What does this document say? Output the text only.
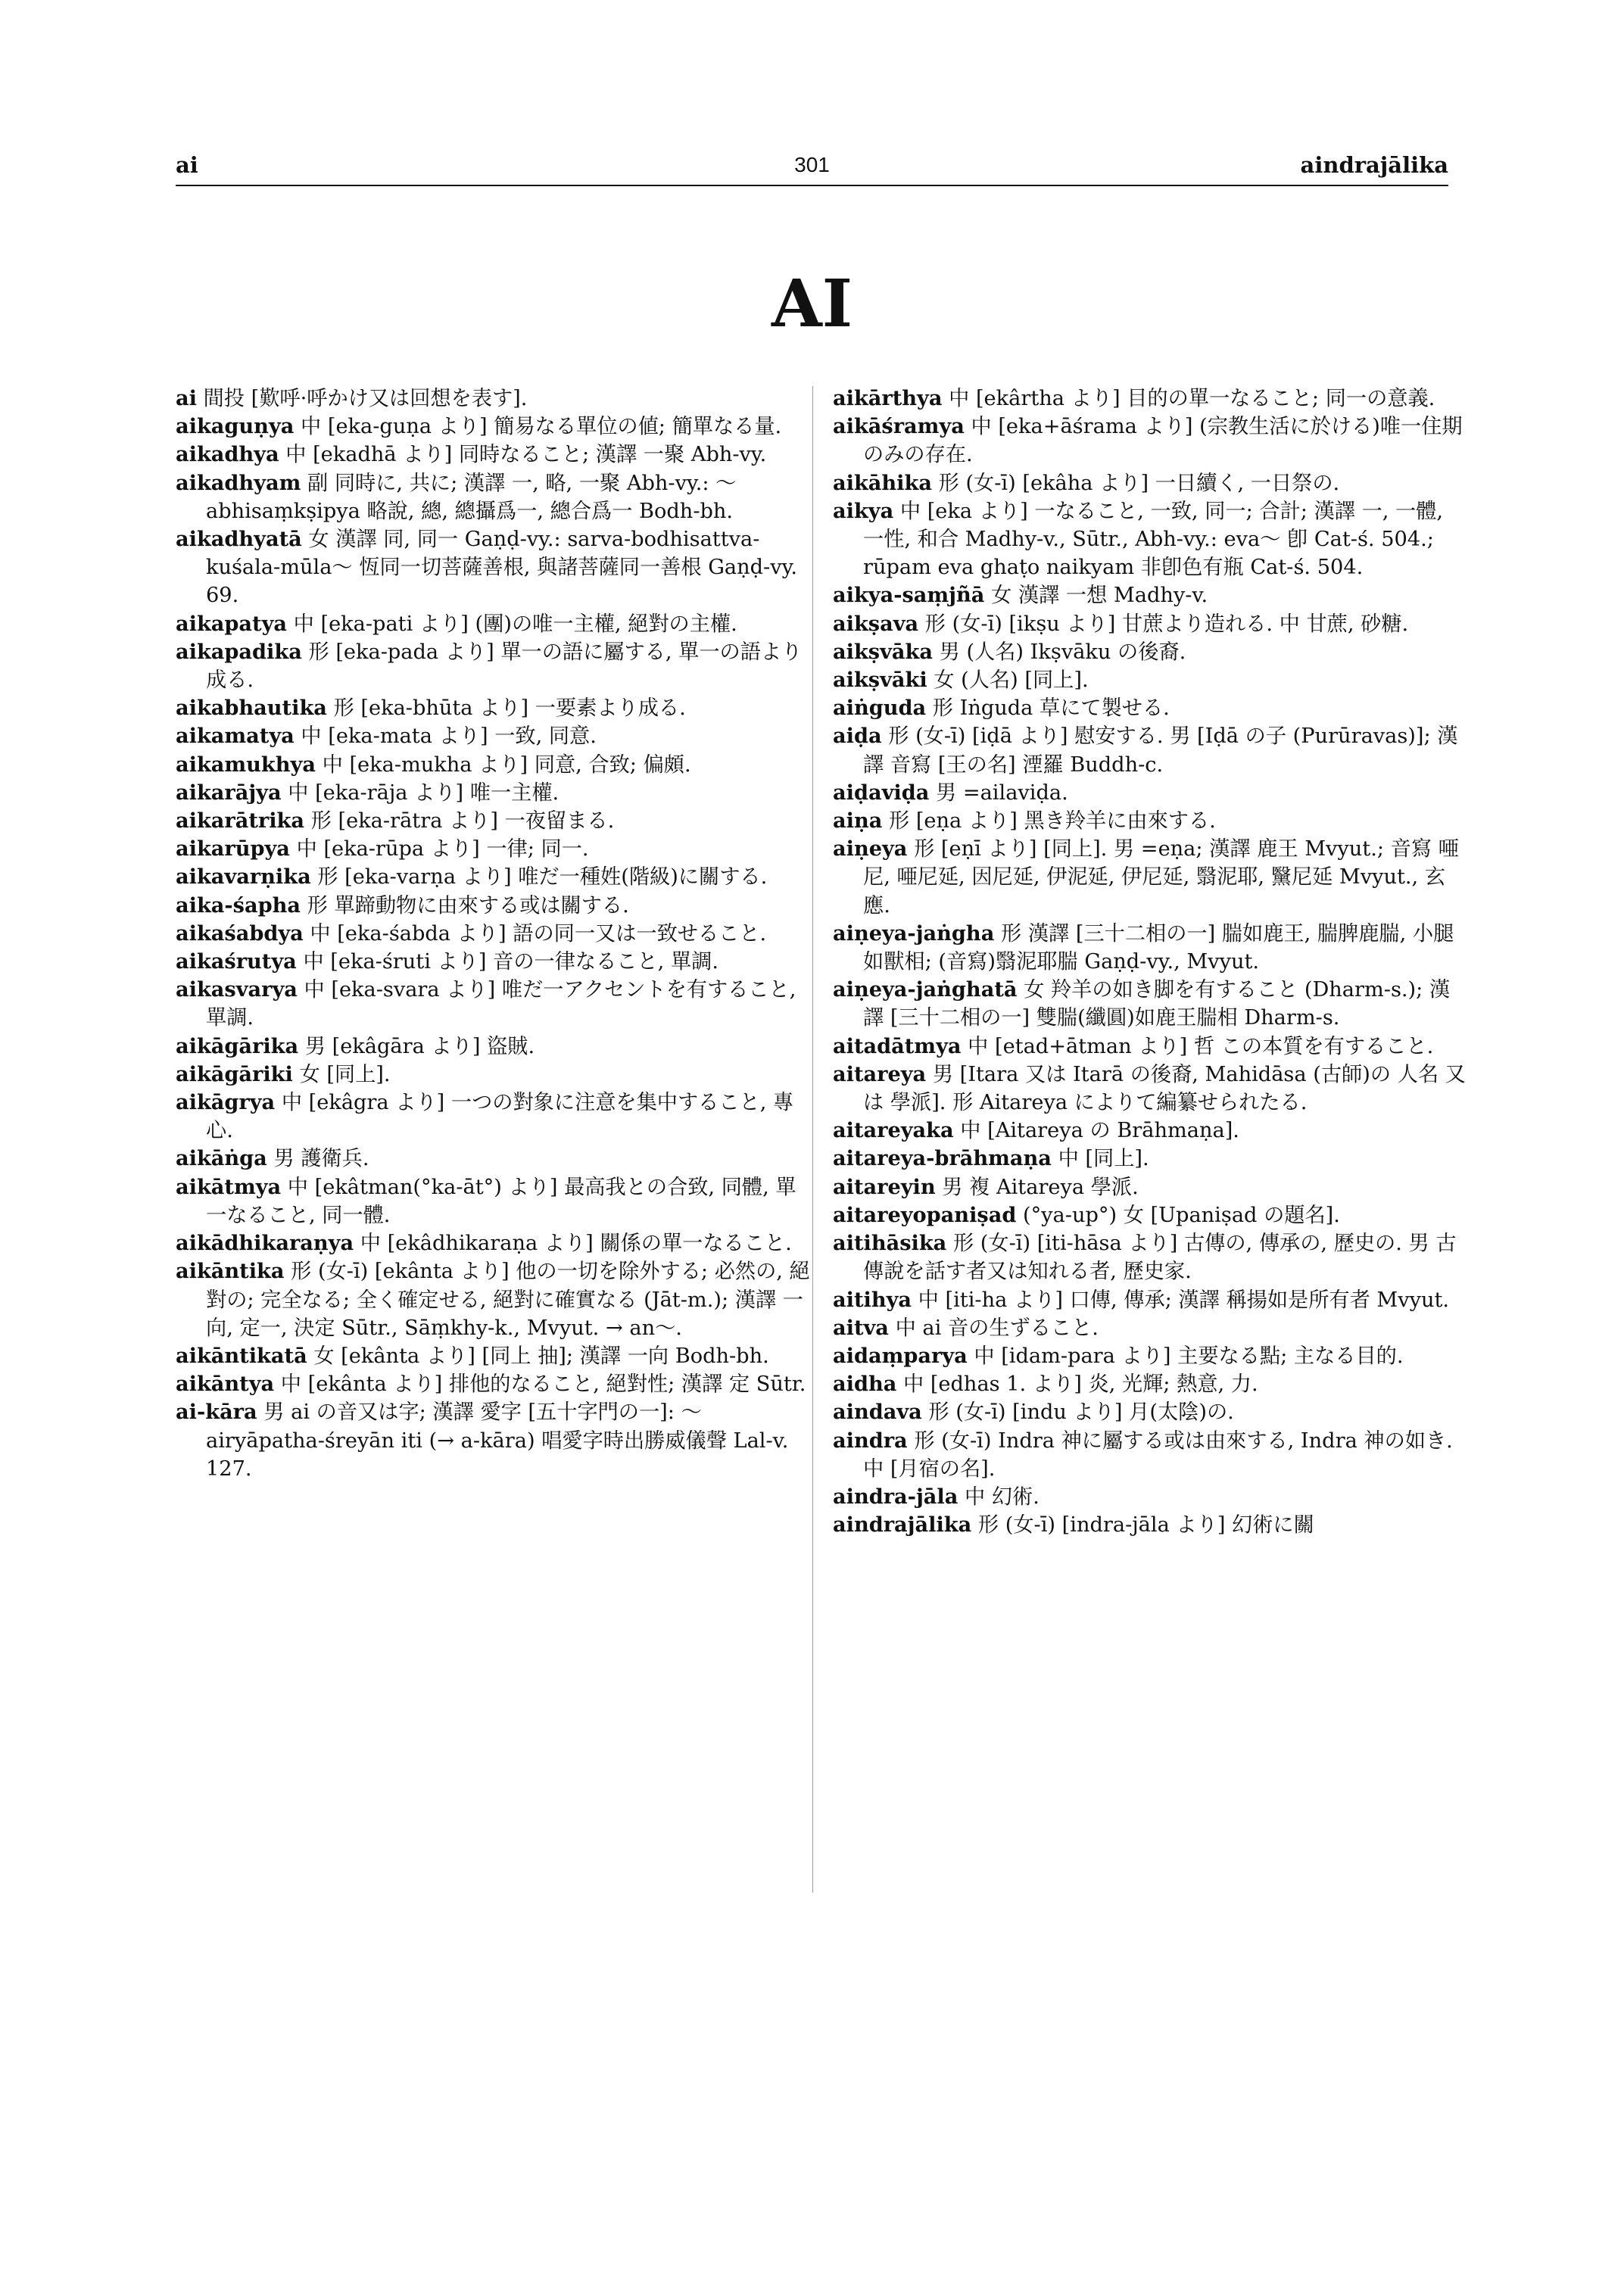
ai	301	aindrajālika
AI

ai 間投 [歎呼·呼かけ又は回想を表す].

aikaguṇya 中 [eka-guṇa より] 簡易なる單位の値; 簡單なる量.

aikadhya 中 [ekadhā より] 同時なること; 漢譯 一聚 Abh-vy.

aikadhyam 副 同時に, 共に; 漢譯 一, 略, 一聚 Abh-vy.: 〜 abhisaṃkṣipya 略說, 總, 總攝爲一, 總合爲一 Bodh-bh.

aikadhyatā 女 漢譯 同, 同一 Gaṇḍ-vy.: sarva-bodhisattva-kuśala-mūla〜 恆同一切菩薩善根, 與諸菩薩同一善根 Gaṇḍ-vy. 69.

aikapatya 中 [eka-pati より] (團)の唯一主權, 絕對の主權.

aikapadika 形 [eka-pada より] 單一の語に屬する, 單一の語より成る.

aikabhautika 形 [eka-bhūta より] 一要素より成る.

aikamatya 中 [eka-mata より] 一致, 同意.

aikamukhya 中 [eka-mukha より] 同意, 合致; 偏頗.

aikarājya 中 [eka-rāja より] 唯一主權.

aikarātrika 形 [eka-rātra より] 一夜留まる.

aikarūpya 中 [eka-rūpa より] 一律; 同一.

aikavarṇika 形 [eka-varṇa より] 唯だ一種姓(階級)に關する.

aika-śapha 形 單蹄動物に由來する或は關する.

aikaśabdya 中 [eka-śabda より] 語の同一又は一致せること.

aikaśrutya 中 [eka-śruti より] 音の一律なること, 單調.

aikasvarya 中 [eka-svara より] 唯だ一アクセントを有すること, 單調.

aikāgārika 男 [ekâgāra より] 盜賊.

aikāgāriki 女 [同上].

aikāgrya 中 [ekâgra より] 一つの對象に注意を集中すること, 專心.

aikāṅga 男 護衛兵.

aikātmya 中 [ekâtman(°ka-āt°) より] 最高我との合致, 同體, 單一なること, 同一體.

aikādhikaraṇya 中 [ekâdhikaraṇa より] 關係の單一なること.

aikāntika 形 (女-ī) [ekânta より] 他の一切を除外する; 必然の, 絕對の; 完全なる; 全く確定せる, 絕對に確實なる (Jāt-m.); 漢譯 一向, 定一, 決定 Sūtr., Sāṃkhy-k., Mvyut. → an〜.

aikāntikatā 女 [ekânta より] [同上 抽]; 漢譯 一向 Bodh-bh.

aikāntya 中 [ekânta より] 排他的なること, 絕對性; 漢譯 定 Sūtr.

ai-kāra 男 ai の音又は字; 漢譯 愛字 [五十字門の一]: 〜 airyāpatha-śreyān iti (→ a-kāra) 唱愛字時出勝威儀聲 Lal-v. 127.

aikārthya 中 [ekârtha より] 目的の單一なること; 同一の意義.

aikāśramya 中 [eka+āśrama より] (宗教生活に於ける)唯一住期のみの存在.

aikāhika 形 (女-ī) [ekâha より] 一日續く, 一日祭の.

aikya 中 [eka より] 一なること, 一致, 同一; 合計; 漢譯 一, 一體, 一性, 和合 Madhy-v., Sūtr., Abh-vy.: eva〜 卽 Cat-ś. 504.; rūpam eva ghaṭo naikyam 非卽色有瓶 Cat-ś. 504.

aikya-saṃjñā 女 漢譯 一想 Madhy-v.

aikṣava 形 (女-ī) [ikṣu より] 甘蔗より造れる. 中 甘蔗, 砂糖.

aikṣvāka 男 (人名) Ikṣvāku の後裔.

aikṣvāki 女 (人名) [同上].

aiṅguda 形 Iṅguda 草にて製せる.

aiḍa 形 (女-ī) [iḍā より] 慰安する. 男 [Iḍā の子 (Purūravas)]; 漢譯 音寫 [王の名] 湮羅 Buddh-c.

aiḍaviḍa 男 =ailaviḍa.

aiṇa 形 [eṇa より] 黑き羚羊に由來する.

aiṇeya 形 [eṇī より] [同上]. 男 =eṇa; 漢譯 鹿王 Mvyut.; 音寫 唖尼, 唖尼延, 因尼延, 伊泥延, 伊尼延, 翳泥耶, 黳尼延 Mvyut., 玄應.

aiṇeya-jaṅgha 形 漢譯 [三十二相の一] 腨如鹿王, 腨脾鹿腨, 小腿如獸相; (音寫)翳泥耶腨 Gaṇḍ-vy., Mvyut.

aiṇeya-jaṅghatā 女 羚羊の如き脚を有すること (Dharm-s.); 漢譯 [三十二相の一] 雙腨(纖圓)如鹿王腨相 Dharm-s.

aitadātmya 中 [etad+ātman より] 哲 この本質を有すること.

aitareya 男 [Itara 又は Itarā の後裔, Mahidāsa (古師)の 人名 又は 學派]. 形 Aitareya によりて編纂せられたる.

aitareyaka 中 [Aitareya の Brāhmaṇa].

aitareya-brāhmaṇa 中 [同上].

aitareyin 男 複 Aitareya 學派.

aitareyopaniṣad (°ya-up°) 女 [Upaniṣad の題名].

aitihāsika 形 (女-ī) [iti-hāsa より] 古傳の, 傳承の, 歷史の. 男 古傳說を話す者又は知れる者, 歷史家.

aitihya 中 [iti-ha より] 口傳, 傳承; 漢譯 稱揚如是所有者 Mvyut.

aitva 中 ai 音の生ずること.

aidaṃparya 中 [idam-para より] 主要なる點; 主なる目的.

aidha 中 [edhas 1. より] 炎, 光輝; 熱意, 力.

aindava 形 (女-ī) [indu より] 月(太陰)の.

aindra 形 (女-ī) Indra 神に屬する或は由來する, Indra 神の如き. 中 [月宿の名].

aindra-jāla 中 幻術.

aindrajālika 形 (女-ī) [indra-jāla より] 幻術に關
